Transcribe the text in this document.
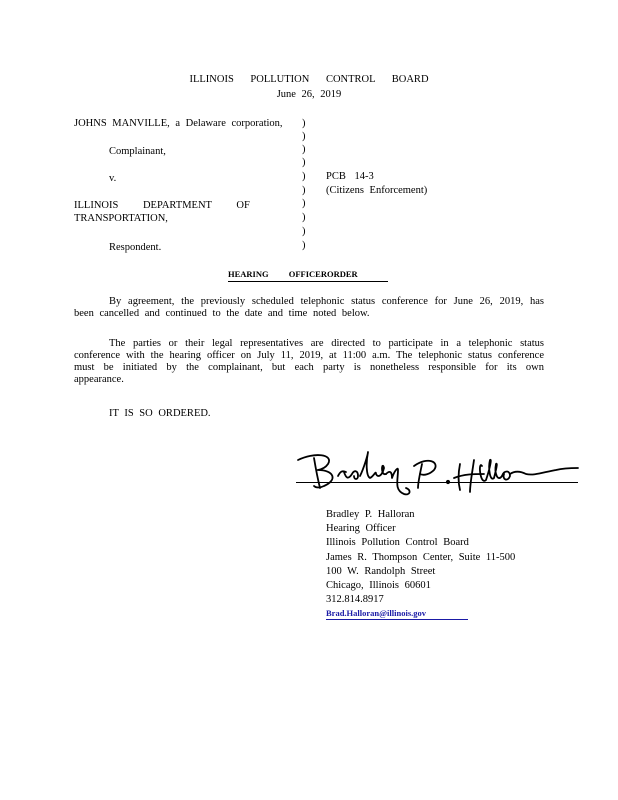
ILLINOIS POLLUTION CONTROL BOARD
June 26, 2019
JOHNS MANVILLE, a Delaware corporation,
Complainant,
v.
ILLINOIS DEPARTMENT OF
TRANSPORTATION,
Respondent.
)
)
)
)
)
)
)
)
)
)
PCB 14-3
(Citizens Enforcement)
HEARING OFFICERORDER
By agreement, the previously scheduled telephonic status conference for June 26, 2019, has been cancelled and continued to the date and time noted below.
The parties or their legal representatives are directed to participate in a telephonic status conference with the hearing officer on July 11, 2019, at 11:00 a.m. The telephonic status conference must be initiated by the complainant, but each party is nonetheless responsible for its own appearance.
IT IS SO ORDERED.
Bradley P. Halloran
Hearing Officer
Illinois Pollution Control Board
James R. Thompson Center, Suite 11-500
100 W. Randolph Street
Chicago, Illinois 60601
312.814.8917
Brad.Halloran@illinois.gov
